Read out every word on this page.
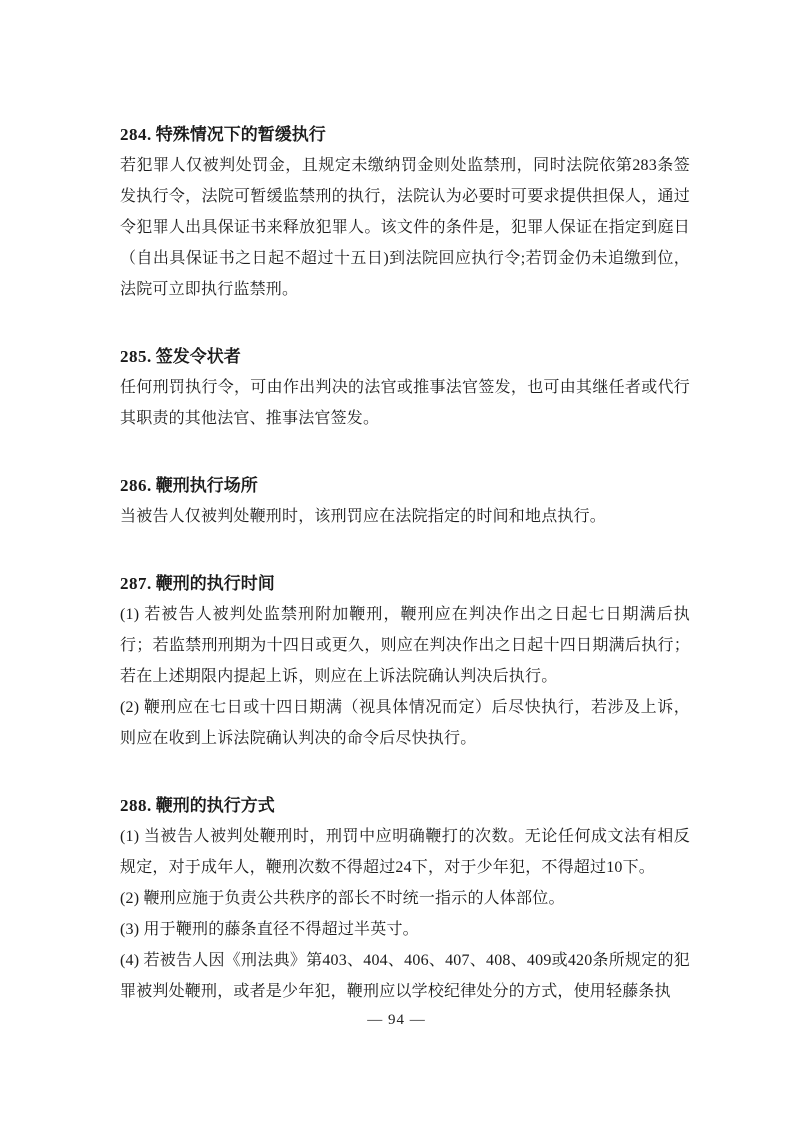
284. 特殊情况下的暂缓执行

若犯罪人仅被判处罚金，且规定未缴纳罚金则处监禁刑，同时法院依第283条签发执行令，法院可暂缓监禁刑的执行，法院认为必要时可要求提供担保人，通过令犯罪人出具保证书来释放犯罪人。该文件的条件是，犯罪人保证在指定到庭日（自出具保证书之日起不超过十五日)到法院回应执行令;若罚金仍未追缴到位，法院可立即执行监禁刑。

285. 签发令状者

任何刑罚执行令，可由作出判决的法官或推事法官签发，也可由其继任者或代行其职责的其他法官、推事法官签发。

286. 鞭刑执行场所

当被告人仅被判处鞭刑时，该刑罚应在法院指定的时间和地点执行。

287. 鞭刑的执行时间

(1) 若被告人被判处监禁刑附加鞭刑，鞭刑应在判决作出之日起七日期满后执行；若监禁刑刑期为十四日或更久，则应在判决作出之日起十四日期满后执行；若在上述期限内提起上诉，则应在上诉法院确认判决后执行。

(2) 鞭刑应在七日或十四日期满（视具体情况而定）后尽快执行，若涉及上诉，则应在收到上诉法院确认判决的命令后尽快执行。

288. 鞭刑的执行方式

(1) 当被告人被判处鞭刑时，刑罚中应明确鞭打的次数。无论任何成文法有相反规定，对于成年人，鞭刑次数不得超过24下，对于少年犯，不得超过10下。

(2) 鞭刑应施于负责公共秩序的部长不时统一指示的人体部位。

(3) 用于鞭刑的藤条直径不得超过半英寸。

(4) 若被告人因《刑法典》第403、404、406、407、408、409或420条所规定的犯罪被判处鞭刑，或者是少年犯，鞭刑应以学校纪律处分的方式，使用轻藤条执

— 94 —
